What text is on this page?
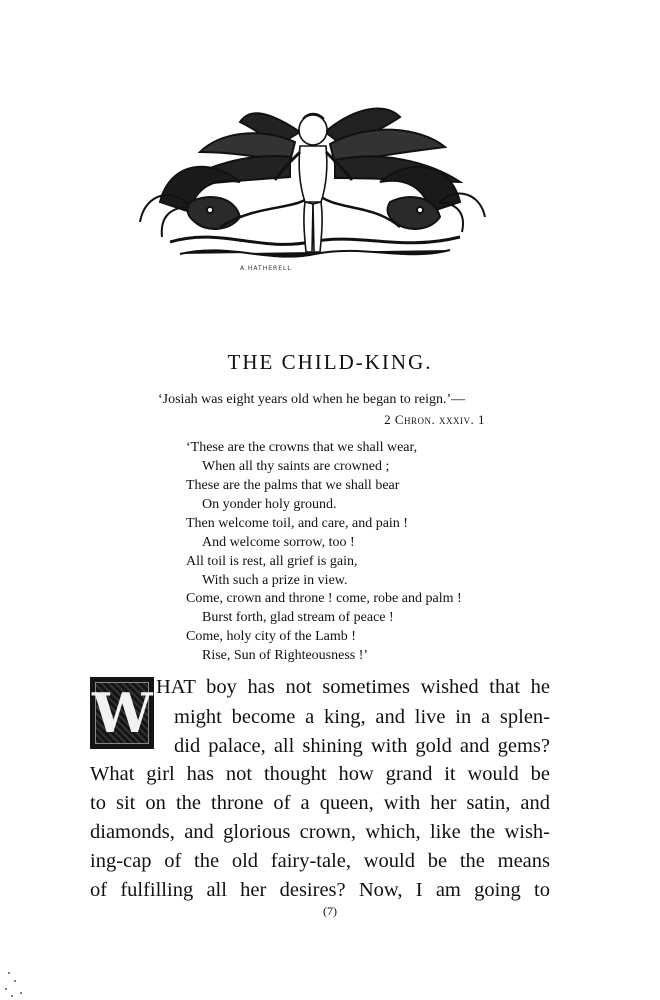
A.HATHERELL
THE CHILD-KING.
‘Josiah was eight years old when he began to reign.’—
2 Chron. xxxiv. 1
‘These are the crowns that we shall wear,
When all thy saints are crowned ;
These are the palms that we shall bear
On yonder holy ground.
Then welcome toil, and care, and pain !
And welcome sorrow, too !
All toil is rest, all grief is gain,
With such a prize in view.
Come, crown and throne ! come, robe and palm !
Burst forth, glad stream of peace !
Come, holy city of the Lamb !
Rise, Sun of Righteousness !’
W HAT boy has not sometimes wished that he
might become a king, and live in a splen-
did palace, all shining with gold and gems?
What girl has not thought how grand it would be
to sit on the throne of a queen, with her satin, and
diamonds, and glorious crown, which, like the wish-
ing-cap of the old fairy-tale, would be the means
of fulfilling all her desires? Now, I am going to
(7)
